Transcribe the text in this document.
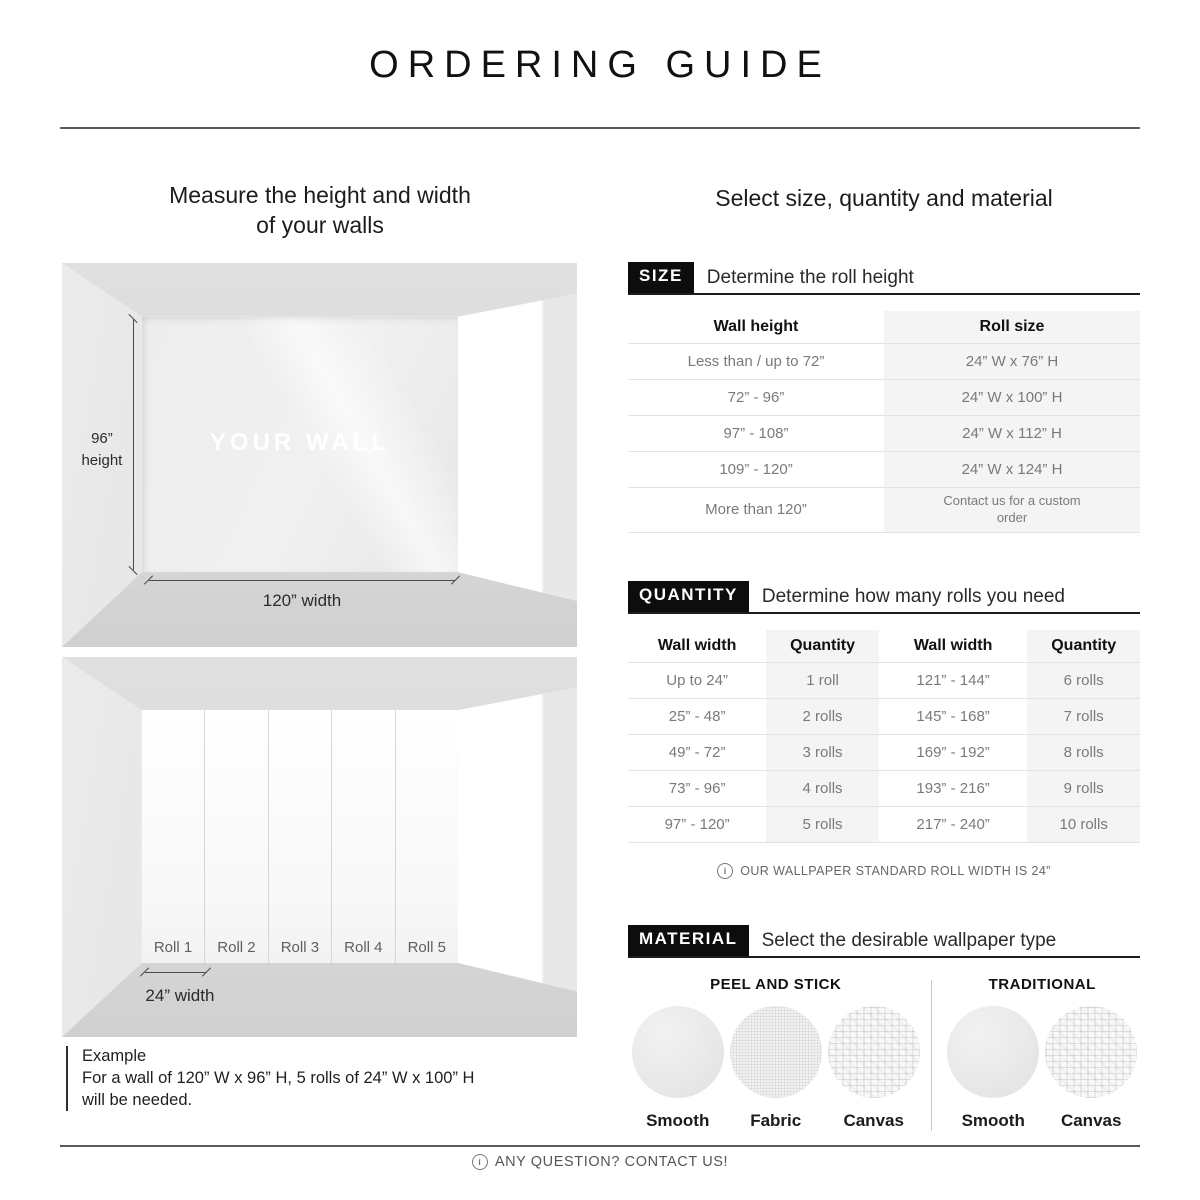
ORDERING GUIDE
Measure the height and width
of your walls
YOUR WALL
96”
height
120” width
Roll 1	Roll 2	Roll 3	Roll 4	Roll 5
24” width
Example
For a wall of 120” W x 96” H, 5 rolls of 24” W x 100” H
will be needed.
Select size, quantity and material
SIZE	Determine the roll height
Wall height	Roll size
Less than / up to 72”	24” W x 76” H
72” - 96”	24” W x 100” H
97” - 108”	24” W x 112” H
109” - 120”	24” W x 124” H
More than 120”	Contact us for a custom order
QUANTITY	Determine how many rolls you need
Wall width	Quantity	Wall width	Quantity
Up to 24”	1 roll	121” - 144”	6 rolls
25” - 48”	2 rolls	145” - 168”	7 rolls
49” - 72”	3 rolls	169” - 192”	8 rolls
73” - 96”	4 rolls	193” - 216”	9 rolls
97” - 120”	5 rolls	217” - 240”	10 rolls
i
OUR WALLPAPER STANDARD ROLL WIDTH IS 24”
MATERIAL	Select the desirable wallpaper type
PEEL AND STICK
Smooth Fabric Canvas
TRADITIONAL
Smooth Canvas
i
ANY QUESTION? CONTACT US!
